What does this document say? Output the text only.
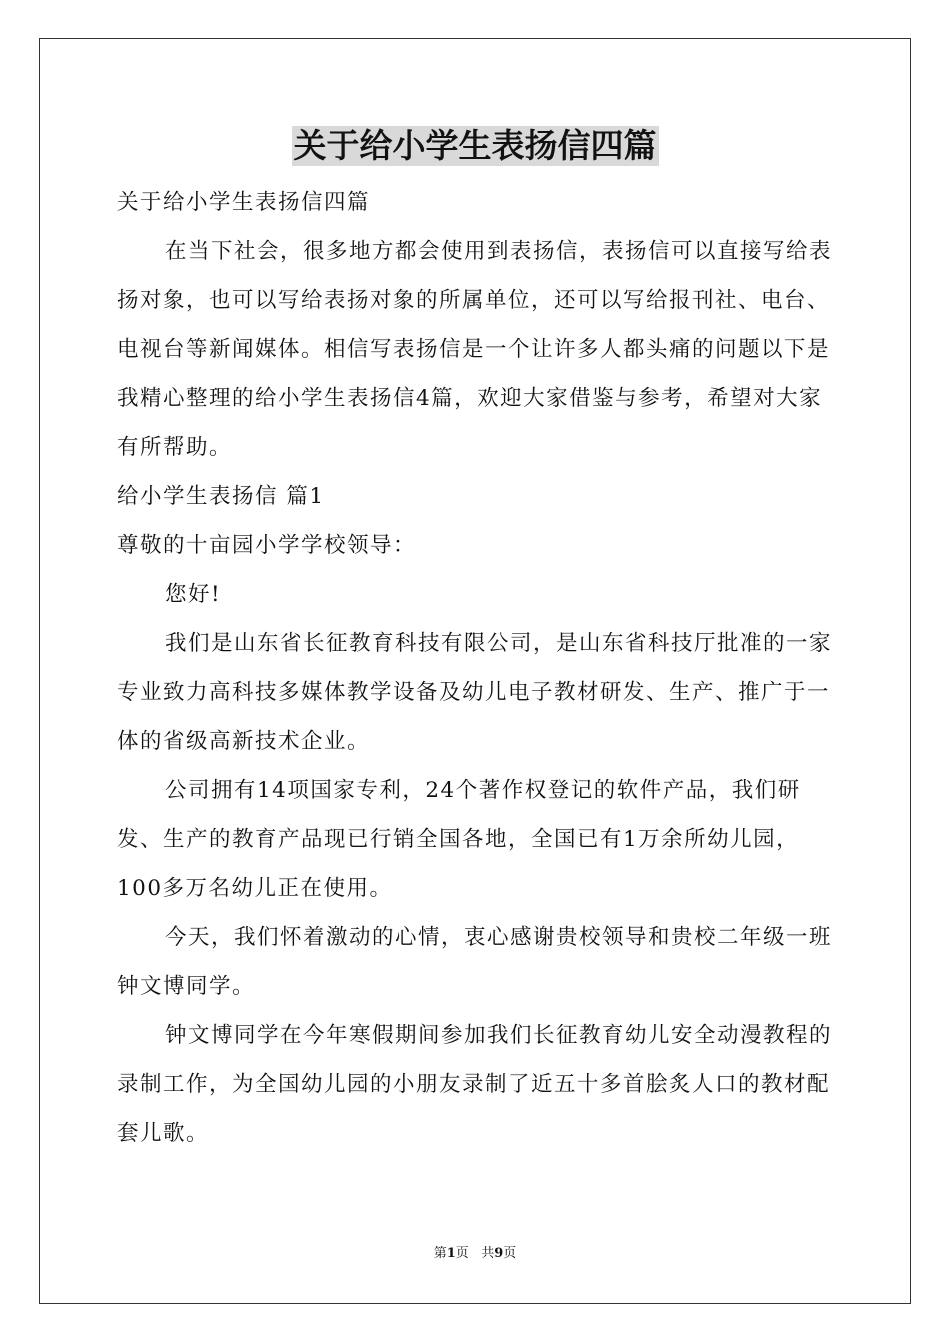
关于给小学生表扬信四篇

关于给小学生表扬信四篇

在当下社会，很多地方都会使用到表扬信，表扬信可以直接写给表扬对象，也可以写给表扬对象的所属单位，还可以写给报刊社、电台、电视台等新闻媒体。相信写表扬信是一个让许多人都头痛的问题以下是我精心整理的给小学生表扬信4篇，欢迎大家借鉴与参考，希望对大家有所帮助。

给小学生表扬信 篇1

尊敬的十亩园小学学校领导：

您好!

我们是山东省长征教育科技有限公司，是山东省科技厅批准的一家专业致力高科技多媒体教学设备及幼儿电子教材研发、生产、推广于一体的省级高新技术企业。

公司拥有14项国家专利，24个著作权登记的软件产品，我们研发、生产的教育产品现已行销全国各地，全国已有1万余所幼儿园，100多万名幼儿正在使用。

今天，我们怀着激动的心情，衷心感谢贵校领导和贵校二年级一班钟文博同学。

钟文博同学在今年寒假期间参加我们长征教育幼儿安全动漫教程的录制工作，为全国幼儿园的小朋友录制了近五十多首脍炙人口的教材配套儿歌。

第1页 共9页
